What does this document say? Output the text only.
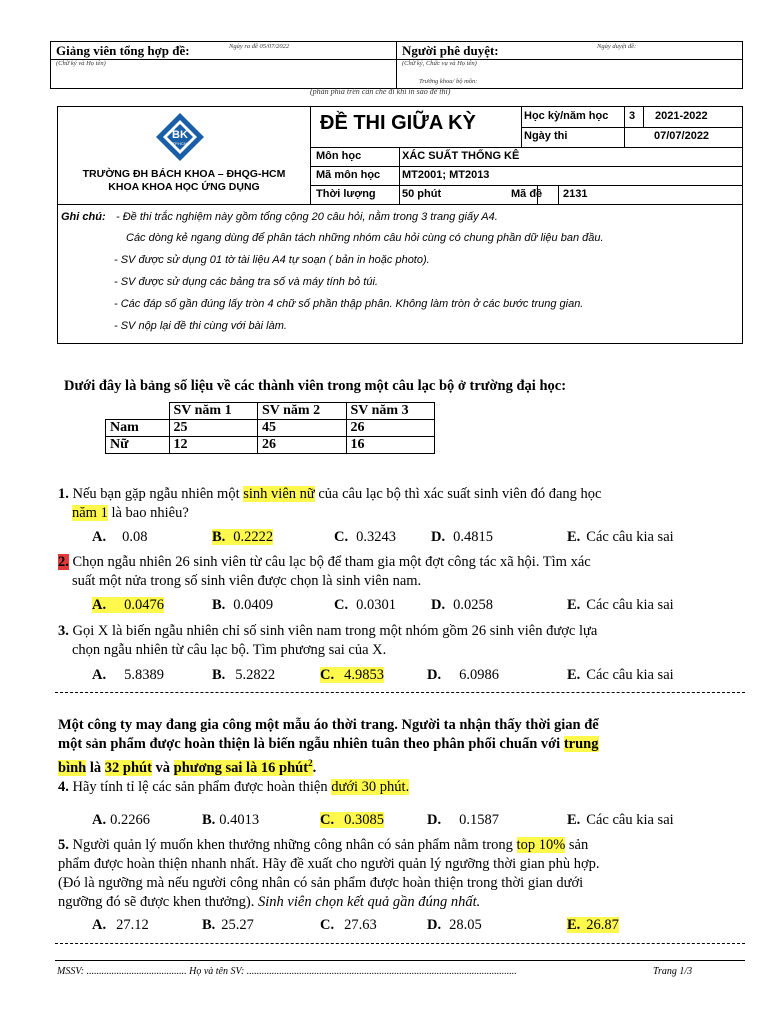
Giảng viên tổng hợp đề:	Ngày ra đề 05/07/2022
(Chữ ký và Họ tên)
Người phê duyệt:	Ngày duyệt đề:
(Chữ ký, Chức vụ và Họ tên)
Trưởng khoa/ bộ môn:
(phần phía trên cần che đi khi in sao đề thi)
BK
TP.HCM
TRƯỜNG ĐH BÁCH KHOA – ĐHQG-HCM
KHOA KHOA HỌC ỨNG DỤNG
ĐỀ THI GIỮA KỲ	Học kỳ/năm học 3 2021-2022
Ngày thi	07/07/2022
Môn học	XÁC SUẤT THỐNG KÊ
Mã môn học MT2001; MT2013
Thời lượng 50 phút	Mã đề 2131
Ghi chú: - Đề thi trắc nghiệm này gồm tổng cộng 20 câu hỏi, nằm trong 3 trang giấy A4.
Các dòng kẻ ngang dùng để phân tách những nhóm câu hỏi cùng có chung phần dữ liệu ban đầu.
- SV được sử dụng 01 tờ tài liệu A4 tự soạn ( bản in hoặc photo).
- SV được sử dụng các bảng tra số và máy tính bỏ túi.
- Các đáp số gần đúng lấy tròn 4 chữ số phần thập phân. Không làm tròn ở các bước trung gian.
- SV nộp lại đề thi cùng với bài làm.
Dưới đây là bảng số liệu về các thành viên trong một câu lạc bộ ở trường đại học:
	SV năm 1	SV năm 2	SV năm 3
Nam	25	45	26
Nữ	12	26	16
1. Nếu bạn gặp ngẫu nhiên một sinh viên nữ của câu lạc bộ thì xác suất sinh viên đó đang học
năm 1 là bao nhiêu?
A. 0.08	B. 0.2222	C. 0.3243 D. 0.4815	E. Các câu kia sai
2. Chọn ngẫu nhiên 26 sinh viên từ câu lạc bộ để tham gia một đợt công tác xã hội. Tìm xác
suất một nửa trong số sinh viên được chọn là sinh viên nam.
A. 0.0476	B. 0.0409	C. 0.0301 D. 0.0258	E. Các câu kia sai
3. Gọi X là biến ngẫu nhiên chỉ số sinh viên nam trong một nhóm gồm 26 sinh viên được lựa
chọn ngẫu nhiên từ câu lạc bộ. Tìm phương sai của X.
A. 5.8389	B. 5.2822	C. 4.9853	D. 6.0986	E. Các câu kia sai
Một công ty may đang gia công một mẫu áo thời trang. Người ta nhận thấy thời gian để
một sản phẩm được hoàn thiện là biến ngẫu nhiên tuân theo phân phối chuẩn với trung
bình là 32 phút và phương sai là 16 phút$^2$.
4. Hãy tính tỉ lệ các sản phẩm được hoàn thiện dưới 30 phút.
A. 0.2266	B. 0.4013	C. 0.3085	D. 0.1587	E. Các câu kia sai
5. Người quản lý muốn khen thưởng những công nhân có sản phẩm nằm trong top 10% sản
phẩm được hoàn thiện nhanh nhất. Hãy đề xuất cho người quản lý ngưỡng thời gian phù hợp.
(Đó là ngưỡng mà nếu người công nhân có sản phẩm được hoàn thiện trong thời gian dưới
ngưỡng đó sẽ được khen thưởng). Sinh viên chọn kết quả gần đúng nhất.
A. 27.12	B. 25.27	C. 27.63	D. 28.05	E. 26.87
MSSV: ........................................ Họ và tên SV: ............................................................................................................	Trang 1/3
